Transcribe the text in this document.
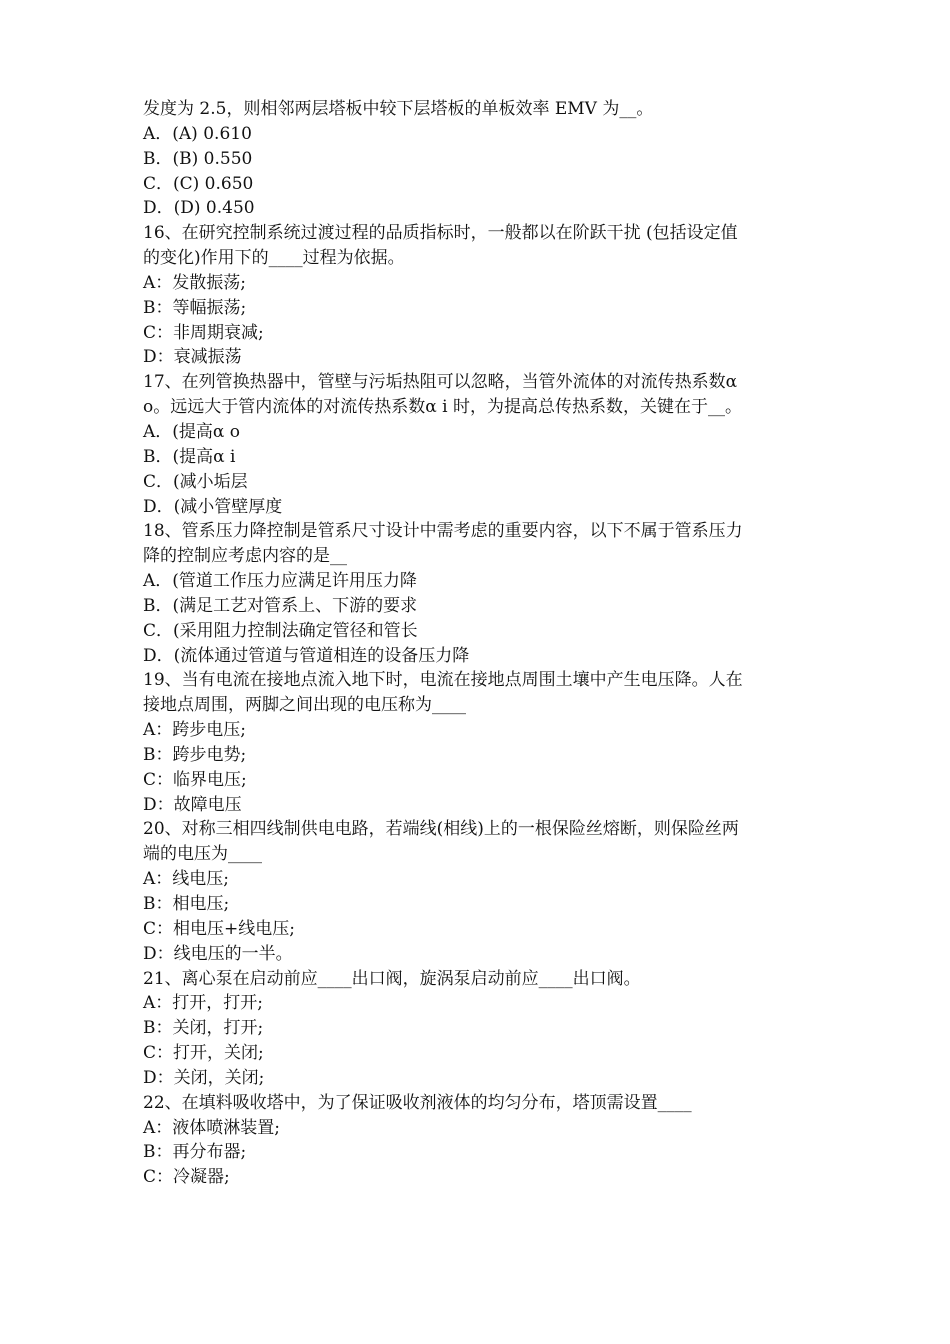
发度为 2.5，则相邻两层塔板中较下层塔板的单板效率 EMV 为__。
A．(A) 0.610
B．(B) 0.550
C．(C) 0.650
D．(D) 0.450
16、在研究控制系统过渡过程的品质指标时，一般都以在阶跃干扰 (包括设定值
的变化)作用下的____过程为依据。
A：发散振荡;
B：等幅振荡;
C：非周期衰减;
D：衰减振荡
17、在列管换热器中，管壁与污垢热阻可以忽略，当管外流体的对流传热系数α
o。远远大于管内流体的对流传热系数α i 时，为提高总传热系数，关键在于__。
A．(提高α o
B．(提高α i
C．(减小垢层
D．(减小管壁厚度
18、管系压力降控制是管系尺寸设计中需考虑的重要内容，以下不属于管系压力
降的控制应考虑内容的是__
A．(管道工作压力应满足许用压力降
B．(满足工艺对管系上、下游的要求
C．(采用阻力控制法确定管径和管长
D．(流体通过管道与管道相连的设备压力降
19、当有电流在接地点流入地下时，电流在接地点周围土壤中产生电压降。人在
接地点周围，两脚之间出现的电压称为____
A：跨步电压;
B：跨步电势;
C：临界电压;
D：故障电压
20、对称三相四线制供电电路，若端线(相线)上的一根保险丝熔断，则保险丝两
端的电压为____
A：线电压;
B：相电压;
C：相电压+线电压;
D：线电压的一半。
21、离心泵在启动前应____出口阀，旋涡泵启动前应____出口阀。
A：打开，打开;
B：关闭，打开;
C：打开，关闭;
D：关闭，关闭;
22、在填料吸收塔中，为了保证吸收剂液体的均匀分布，塔顶需设置____
A：液体喷淋装置;
B：再分布器;
C：冷凝器;
